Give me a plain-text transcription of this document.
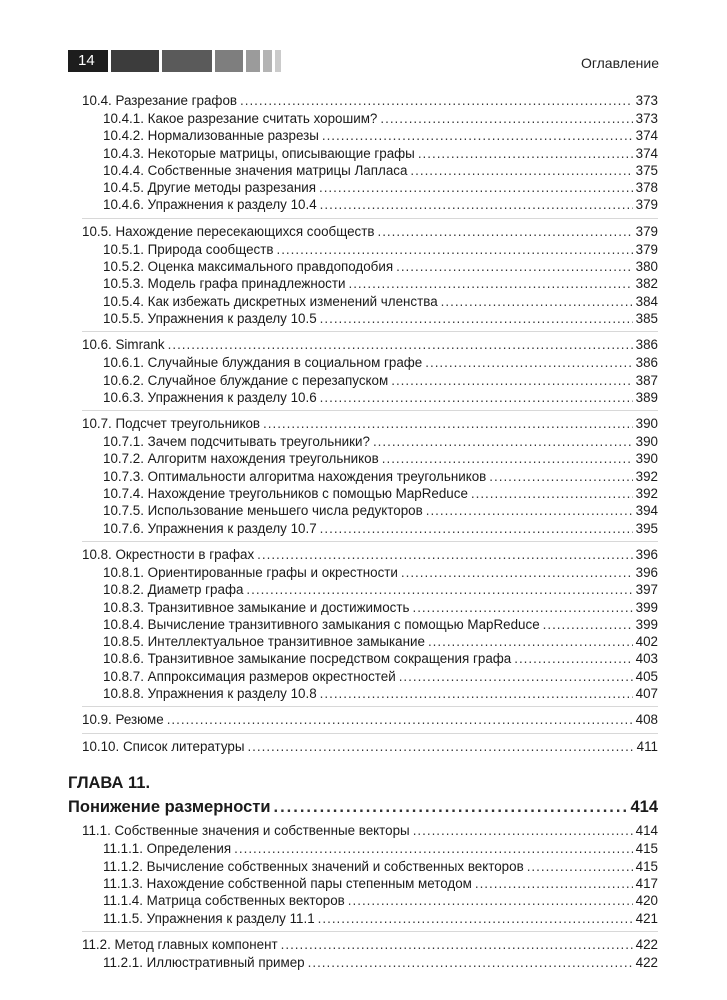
14	Оглавление
10.4. Разрезание графов .....	373
10.4.1. Какое разрезание считать хорошим? .....	373
10.4.2. Нормализованные разрезы .....	374
10.4.3. Некоторые матрицы, описывающие графы .....	374
10.4.4. Собственные значения матрицы Лапласа .....	375
10.4.5. Другие методы разрезания .....	378
10.4.6. Упражнения к разделу 10.4 .....	379
10.5. Нахождение пересекающихся сообществ .....	379
10.5.1. Природа сообществ .....	379
10.5.2. Оценка максимального правдоподобия .....	380
10.5.3. Модель графа принадлежности .....	382
10.5.4. Как избежать дискретных изменений членства .....	384
10.5.5. Упражнения к разделу 10.5 .....	385
10.6. Simrank .....	386
10.6.1. Случайные блуждания в социальном графе .....	386
10.6.2. Случайное блуждание с перезапуском .....	387
10.6.3. Упражнения к разделу 10.6 .....	389
10.7. Подсчет треугольников .....	390
10.7.1. Зачем подсчитывать треугольники? .....	390
10.7.2. Алгоритм нахождения треугольников .....	390
10.7.3. Оптимальности алгоритма нахождения треугольников .....	392
10.7.4. Нахождение треугольников с помощью MapReduce .....	392
10.7.5. Использование меньшего числа редукторов .....	394
10.7.6. Упражнения к разделу 10.7 .....	395
10.8. Окрестности в графах .....	396
10.8.1. Ориентированные графы и окрестности .....	396
10.8.2. Диаметр графа .....	397
10.8.3. Транзитивное замыкание и достижимость .....	399
10.8.4. Вычисление транзитивного замыкания с помощью MapReduce .....	399
10.8.5. Интеллектуальное транзитивное замыкание .....	402
10.8.6. Транзитивное замыкание посредством сокращения графа .....	403
10.8.7. Аппроксимация размеров окрестностей .....	405
10.8.8. Упражнения к разделу 10.8 .....	407
10.9. Резюме .....	408
10.10. Список литературы .....	411
ГЛАВА 11.
Понижение размерности .....	414
11.1. Собственные значения и собственные векторы .....	414
11.1.1. Определения .....	415
11.1.2. Вычисление собственных значений и собственных векторов .....	415
11.1.3. Нахождение собственной пары степенным методом .....	417
11.1.4. Матрица собственных векторов .....	420
11.1.5. Упражнения к разделу 11.1 .....	421
11.2. Метод главных компонент .....	422
11.2.1. Иллюстративный пример .....	422
